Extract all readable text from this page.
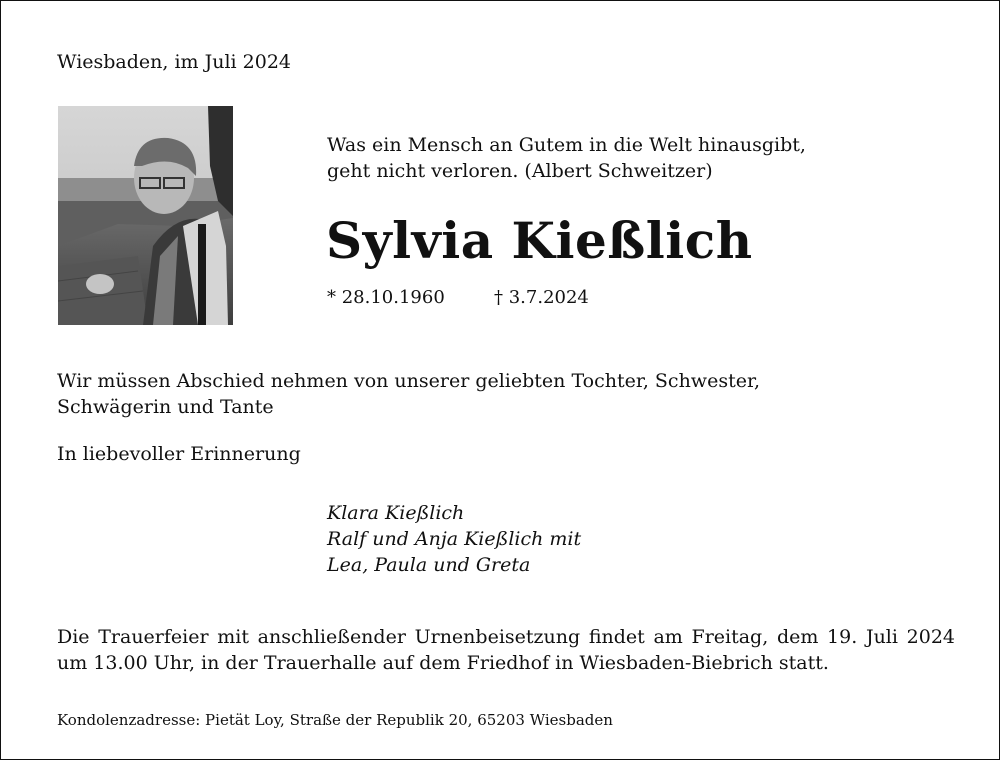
Wiesbaden, im Juli 2024
Was ein Mensch an Gutem in die Welt hinausgibt,
geht nicht verloren. (Albert Schweitzer)
Sylvia Kießlich
* 28.10.1960	† 3.7.2024
Wir müssen Abschied nehmen von unserer geliebten Tochter, Schwester,
Schwägerin und Tante
In liebevoller Erinnerung
Klara Kießlich
Ralf und Anja Kießlich mit
Lea, Paula und Greta
Die Trauerfeier mit anschließender Urnenbeisetzung findet am Freitag, dem 19. Juli 2024
um 13.00 Uhr, in der Trauerhalle auf dem Friedhof in Wiesbaden-Biebrich statt.
Kondolenzadresse: Pietät Loy, Straße der Republik 20, 65203 Wiesbaden
